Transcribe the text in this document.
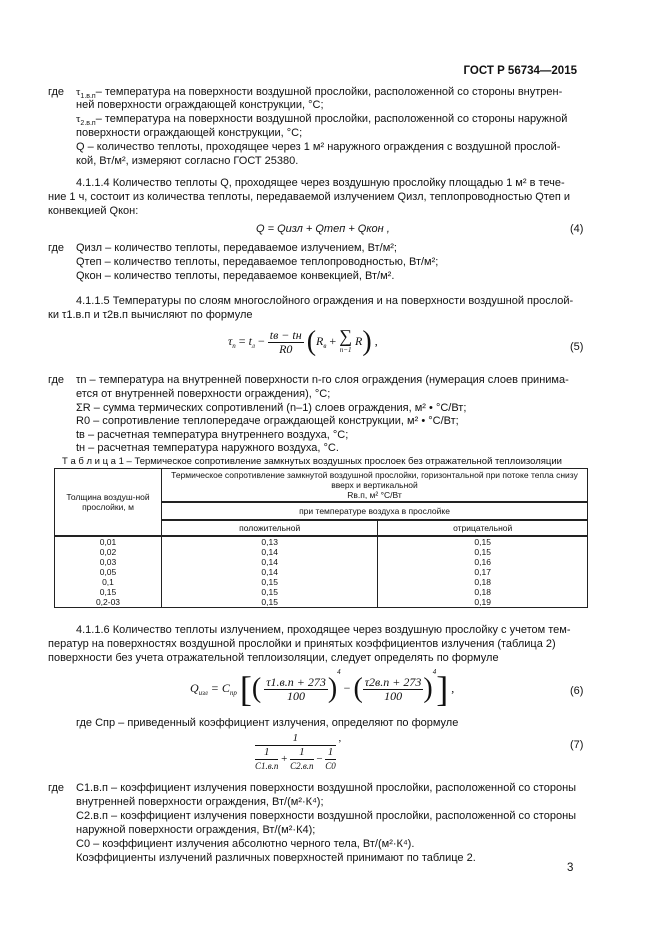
ГОСТ Р 56734—2015
где $\tau_{1.в.п}-$ температура на поверхности воздушной прослойки, расположенной со стороны внутрен-
ней поверхности ограждающей конструкции, °С;
$\tau_{2.в.п}-$ температура на поверхности воздушной прослойки, расположенной со стороны наружной
поверхности ограждающей конструкции, °С;
Q – количество теплоты, проходящее через 1 м² наружного ограждения с воздушной прослой-
кой, Вт/м², измеряют согласно ГОСТ 25380.
4.1.1.4 Количество теплоты Q, проходящее через воздушную прослойку площадью 1 м² в тече-
ние 1 ч, состоит из количества теплоты, передаваемой излучением Qизл, теплопроводностью Qтеп и
конвекцией Qкон:
Q = Qизл + Qтеп + Qкон ,	(4)
где Qизл – количество теплоты, передаваемое излучением, Вт/м²;
Qтеп – количество теплоты, передаваемое теплопроводностью, Вт/м²;
Qкон – количество теплоты, передаваемое конвекцией, Вт/м².
4.1.1.5 Температуры по слоям многослойного ограждения и на поверхности воздушной прослой-
ки τ1.в.п и τ2в.п вычисляют по формуле
$\tau_n = t_л - \frac{tв - tн}{R0} (R_в$ + ∑
n−1
R) ,	(5)
где τn – температура на внутренней поверхности n-го слоя ограждения (нумерация слоев принима-
ется от внутренней поверхности ограждения), °С;
ΣR – сумма термических сопротивлений (n–1) слоев ограждения, м² • °С/Вт;
R0 – сопротивление теплопередаче ограждающей конструкции, м² • °С/Вт;
tв – расчетная температура внутреннего воздуха, °С;
tн – расчетная температура наружного воздуха, °С.
Т а б л и ц а 1 – Термическое сопротивление замкнутых воздушных прослоек без отражательной теплоизоляции
Толщина воздуш-ной прослойки, м	Термическое сопротивление замкнутой воздушной прослойки, горизонтальной при потоке тепла снизу вверх и вертикальной
Rв.п, м² °С/Вт	
	при температуре воздуха в прослойке	
	положительной	отрицательной
0,01	0,13	0,15
0,02	0,14	0,15
0,03	0,14	0,16
0,05	0,14	0,17
0,1	0,15	0,18
0,15	0,15	0,18
0,2-03	0,15	0,19
4.1.1.6 Количество теплоты излучением, проходящее через воздушную прослойку с учетом тем-
ператур на поверхностях воздушной прослойки и принятых коэффициентов излучения (таблица 2)
поверхности без учета отражательной теплоизоляции, следует определять по формуле
$Q_{изл} = C_{пр}$ [( $\frac{\tau 1.в.п + 273}{100} )^4$ − ( $\frac{\tau 2в.п + 273}{100} )^4$] ,	(6)
где Спр – приведенный коэффициент излучения, определяют по формуле
$\frac{1}{\frac{1}{C1.в.п} + \frac{1}{C2.в.п} - \frac{1}{C0}}$ ,
(7)
где С1.в.п – коэффициент излучения поверхности воздушной прослойки, расположенной со стороны
внутренней поверхности ограждения, Вт/(м²·К⁴);
С2.в.п – коэффициент излучения поверхности воздушной прослойки, расположенной со стороны
наружной поверхности ограждения, Вт/(м²·К4);
С0 – коэффициент излучения абсолютно черного тела, Вт/(м²·К⁴).
Коэффициенты излучений различных поверхностей принимают по таблице 2.
3
